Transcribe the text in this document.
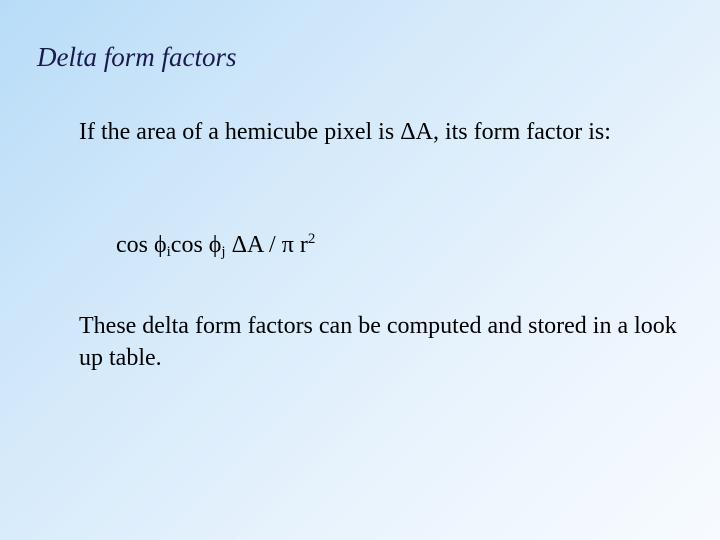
Delta form factors
If the area of a hemicube pixel is ΔA, its form factor is:
$\cos \phi_i\cos$ $\phi_j$ ΔA / π $r^2$
These delta form factors can be computed and stored in a look up table.
